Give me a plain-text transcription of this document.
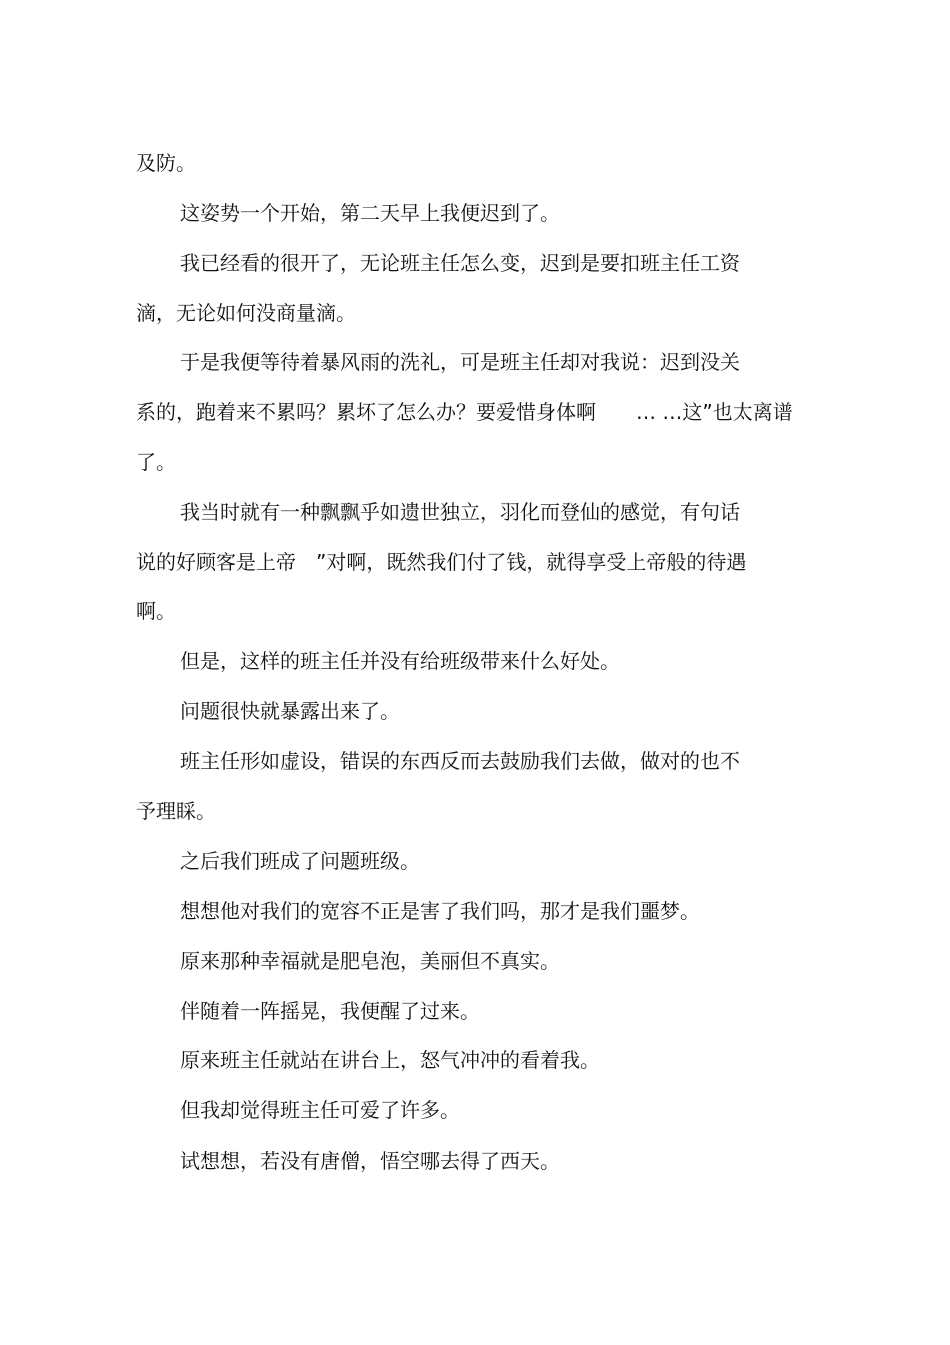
及防。
这姿势一个开始，第二天早上我便迟到了。
我已经看的很开了，无论班主任怎么变，迟到是要扣班主任工资
滴，无论如何没商量滴。
于是我便等待着暴风雨的洗礼，可是班主任却对我说：迟到没关
系的，跑着来不累吗？累坏了怎么办？要爱惜身体啊　　… …这”也太离谱
了。
我当时就有一种飘飘乎如遗世独立，羽化而登仙的感觉，有句话
说的好顾客是上帝　”对啊，既然我们付了钱，就得享受上帝般的待遇
啊。
但是，这样的班主任并没有给班级带来什么好处。
问题很快就暴露出来了。
班主任形如虚设，错误的东西反而去鼓励我们去做，做对的也不
予理睬。
之后我们班成了问题班级。
想想他对我们的宽容不正是害了我们吗，那才是我们噩梦。
原来那种幸福就是肥皂泡，美丽但不真实。
伴随着一阵摇晃，我便醒了过来。
原来班主任就站在讲台上，怒气冲冲的看着我。
但我却觉得班主任可爱了许多。
试想想，若没有唐僧，悟空哪去得了西天。
